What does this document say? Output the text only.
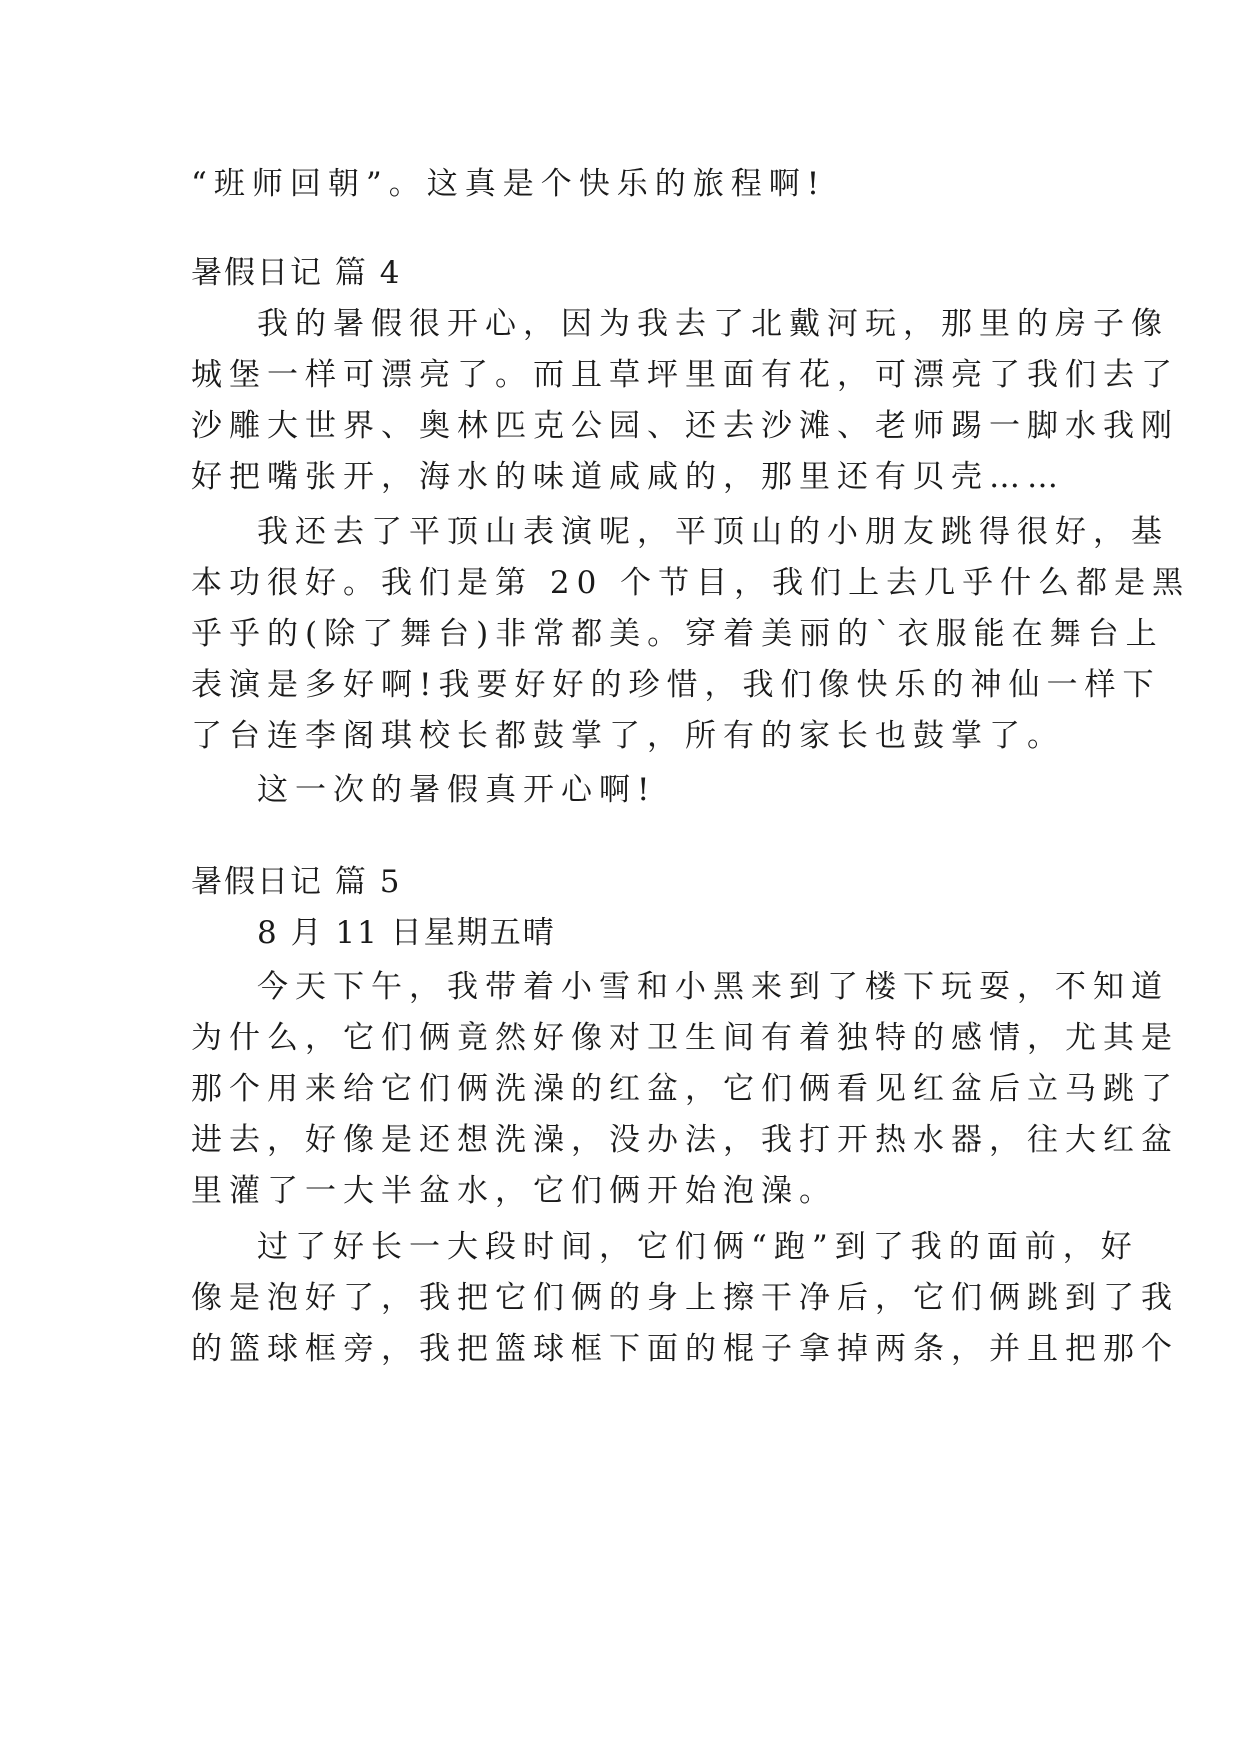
“班师回朝”。这真是个快乐的旅程啊!
暑假日记 篇 4
我的暑假很开心，因为我去了北戴河玩，那里的房子像
城堡一样可漂亮了。而且草坪里面有花，可漂亮了我们去了
沙雕大世界、奥林匹克公园、还去沙滩、老师踢一脚水我刚
好把嘴张开，海水的味道咸咸的，那里还有贝壳……
我还去了平顶山表演呢，平顶山的小朋友跳得很好，基
本功很好。我们是第 20 个节目，我们上去几乎什么都是黑
乎乎的(除了舞台)非常都美。穿着美丽的`衣服能在舞台上
表演是多好啊!我要好好的珍惜，我们像快乐的神仙一样下
了台连李阁琪校长都鼓掌了，所有的家长也鼓掌了。
这一次的暑假真开心啊!
暑假日记 篇 5
8 月 11 日星期五晴
今天下午，我带着小雪和小黑来到了楼下玩耍，不知道
为什么，它们俩竟然好像对卫生间有着独特的感情，尤其是
那个用来给它们俩洗澡的红盆，它们俩看见红盆后立马跳了
进去，好像是还想洗澡，没办法，我打开热水器，往大红盆
里灌了一大半盆水，它们俩开始泡澡。
过了好长一大段时间，它们俩“跑”到了我的面前，好
像是泡好了，我把它们俩的身上擦干净后，它们俩跳到了我
的篮球框旁，我把篮球框下面的棍子拿掉两条，并且把那个
